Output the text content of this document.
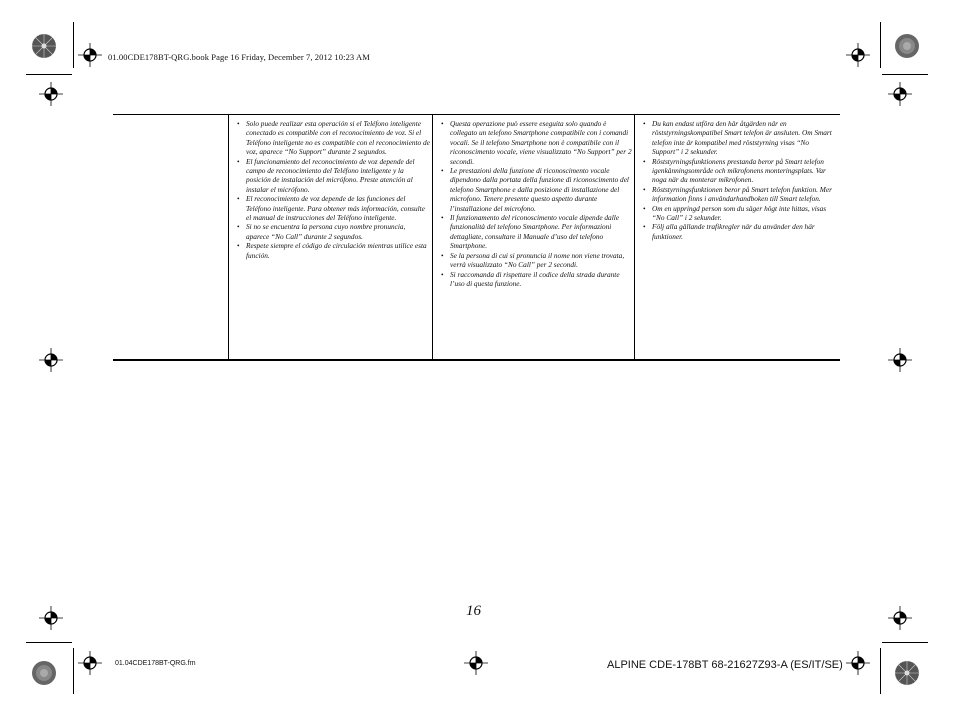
01.00CDE178BT-QRG.book Page 16 Friday, December 7, 2012 10:23 AM
• Solo puede realizar esta operación si el Teléfono inteligente conectado es compatible con el reconocimiento de voz. Si el Teléfono inteligente no es compatible con el reconocimiento de voz, aparece “No Support” durante 2 segundos.
• El funcionamiento del reconocimiento de voz depende del campo de reconocimiento del Teléfono inteligente y la posición de instalación del micrófono. Preste atención al instalar el micrófono.
• El reconocimiento de voz depende de las funciones del Teléfono inteligente. Para obtener más información, consulte el manual de instrucciones del Teléfono inteligente.
• Si no se encuentra la persona cuyo nombre pronuncia, aparece “No Call” durante 2 segundos.
• Respete siempre el código de circulación mientras utilice esta función.
• Questa operazione può essere eseguita solo quando è collegato un telefono Smartphone compatibile con i comandi vocali. Se il telefono Smartphone non è compatibile con il riconoscimento vocale, viene visualizzato “No Support” per 2 secondi.
• Le prestazioni della funzione di riconoscimento vocale dipendono dalla portata della funzione di riconoscimento del telefono Smartphone e dalla posizione di installazione del microfono. Tenere presente questo aspetto durante l’installazione del microfono.
• Il funzionamento del riconoscimento vocale dipende dalle funzionalità del telefono Smartphone. Per informazioni dettagliate, consultare il Manuale d’uso del telefono Smartphone.
• Se la persona di cui si pronuncia il nome non viene trovata, verrà visualizzato “No Call” per 2 secondi.
• Si raccomanda di rispettare il codice della strada durante l’uso di questa funzione.
• Du kan endast utföra den här åtgärden när en röststyrningskompatibel Smart telefon är ansluten. Om Smart telefon inte är kompatibel med röststyrning visas “No Support” i 2 sekunder.
• Röststyrningsfunktionens prestanda beror på Smart telefon igenkänningsområde och mikrofonens monteringsplats. Var noga när du monterar mikrofonen.
• Röststyrningsfunktionen beror på Smart telefon funktion. Mer information finns i användarhandboken till Smart telefon.
• Om en uppringd person som du säger högt inte hittas, visas “No Call” i 2 sekunder.
• Följ alla gällande trafikregler när du använder den här funktioner.
16
01.04CDE178BT-QRG.fm	ALPINE CDE-178BT 68-21627Z93-A (ES/IT/SE)
